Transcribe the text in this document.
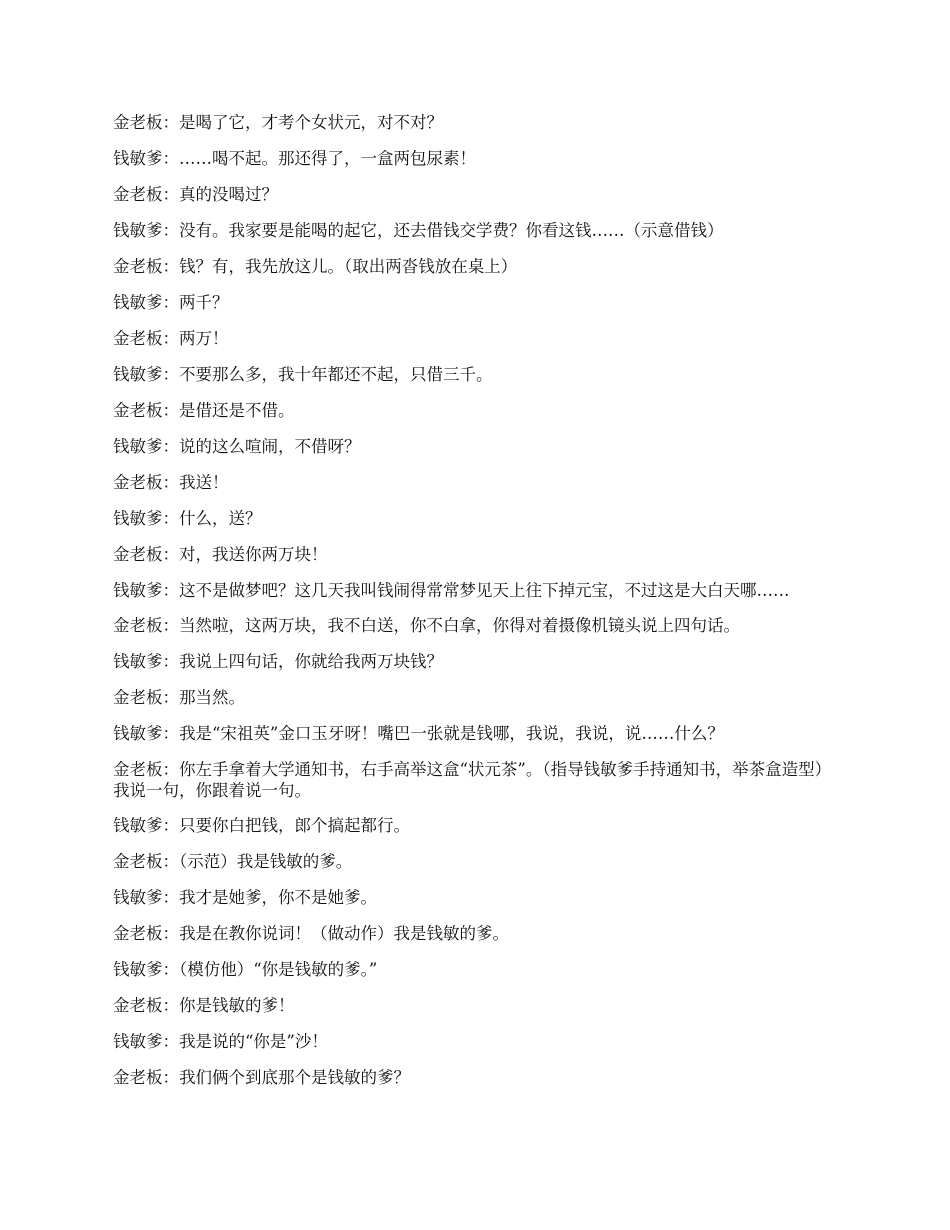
金老板：是喝了它，才考个女状元，对不对？

钱敏爹：……喝不起。那还得了，一盒两包尿素！

金老板：真的没喝过？

钱敏爹：没有。我家要是能喝的起它，还去借钱交学费？你看这钱……（示意借钱）

金老板：钱？有，我先放这儿。（取出两沓钱放在桌上）

钱敏爹：两千？

金老板：两万！

钱敏爹：不要那么多，我十年都还不起，只借三千。

金老板：是借还是不借。

钱敏爹：说的这么喧闹，不借呀？

金老板：我送！

钱敏爹：什么，送？

金老板：对，我送你两万块！

钱敏爹：这不是做梦吧？这几天我叫钱闹得常常梦见天上往下掉元宝，不过这是大白天哪……

金老板：当然啦，这两万块，我不白送，你不白拿，你得对着摄像机镜头说上四句话。

钱敏爹：我说上四句话，你就给我两万块钱？

金老板：那当然。

钱敏爹：我是“宋祖英”金口玉牙呀！嘴巴一张就是钱哪，我说，我说，说……什么？

金老板：你左手拿着大学通知书，右手高举这盒“状元茶”。（指导钱敏爹手持通知书，举茶盒造型）我说一句，你跟着说一句。

钱敏爹：只要你白把钱，郎个搞起都行。

金老板：（示范）我是钱敏的爹。

钱敏爹：我才是她爹，你不是她爹。

金老板：我是在教你说词！（做动作）我是钱敏的爹。

钱敏爹：（模仿他）“你是钱敏的爹。”

金老板：你是钱敏的爹！

钱敏爹：我是说的“你是”沙！

金老板：我们俩个到底那个是钱敏的爹？
